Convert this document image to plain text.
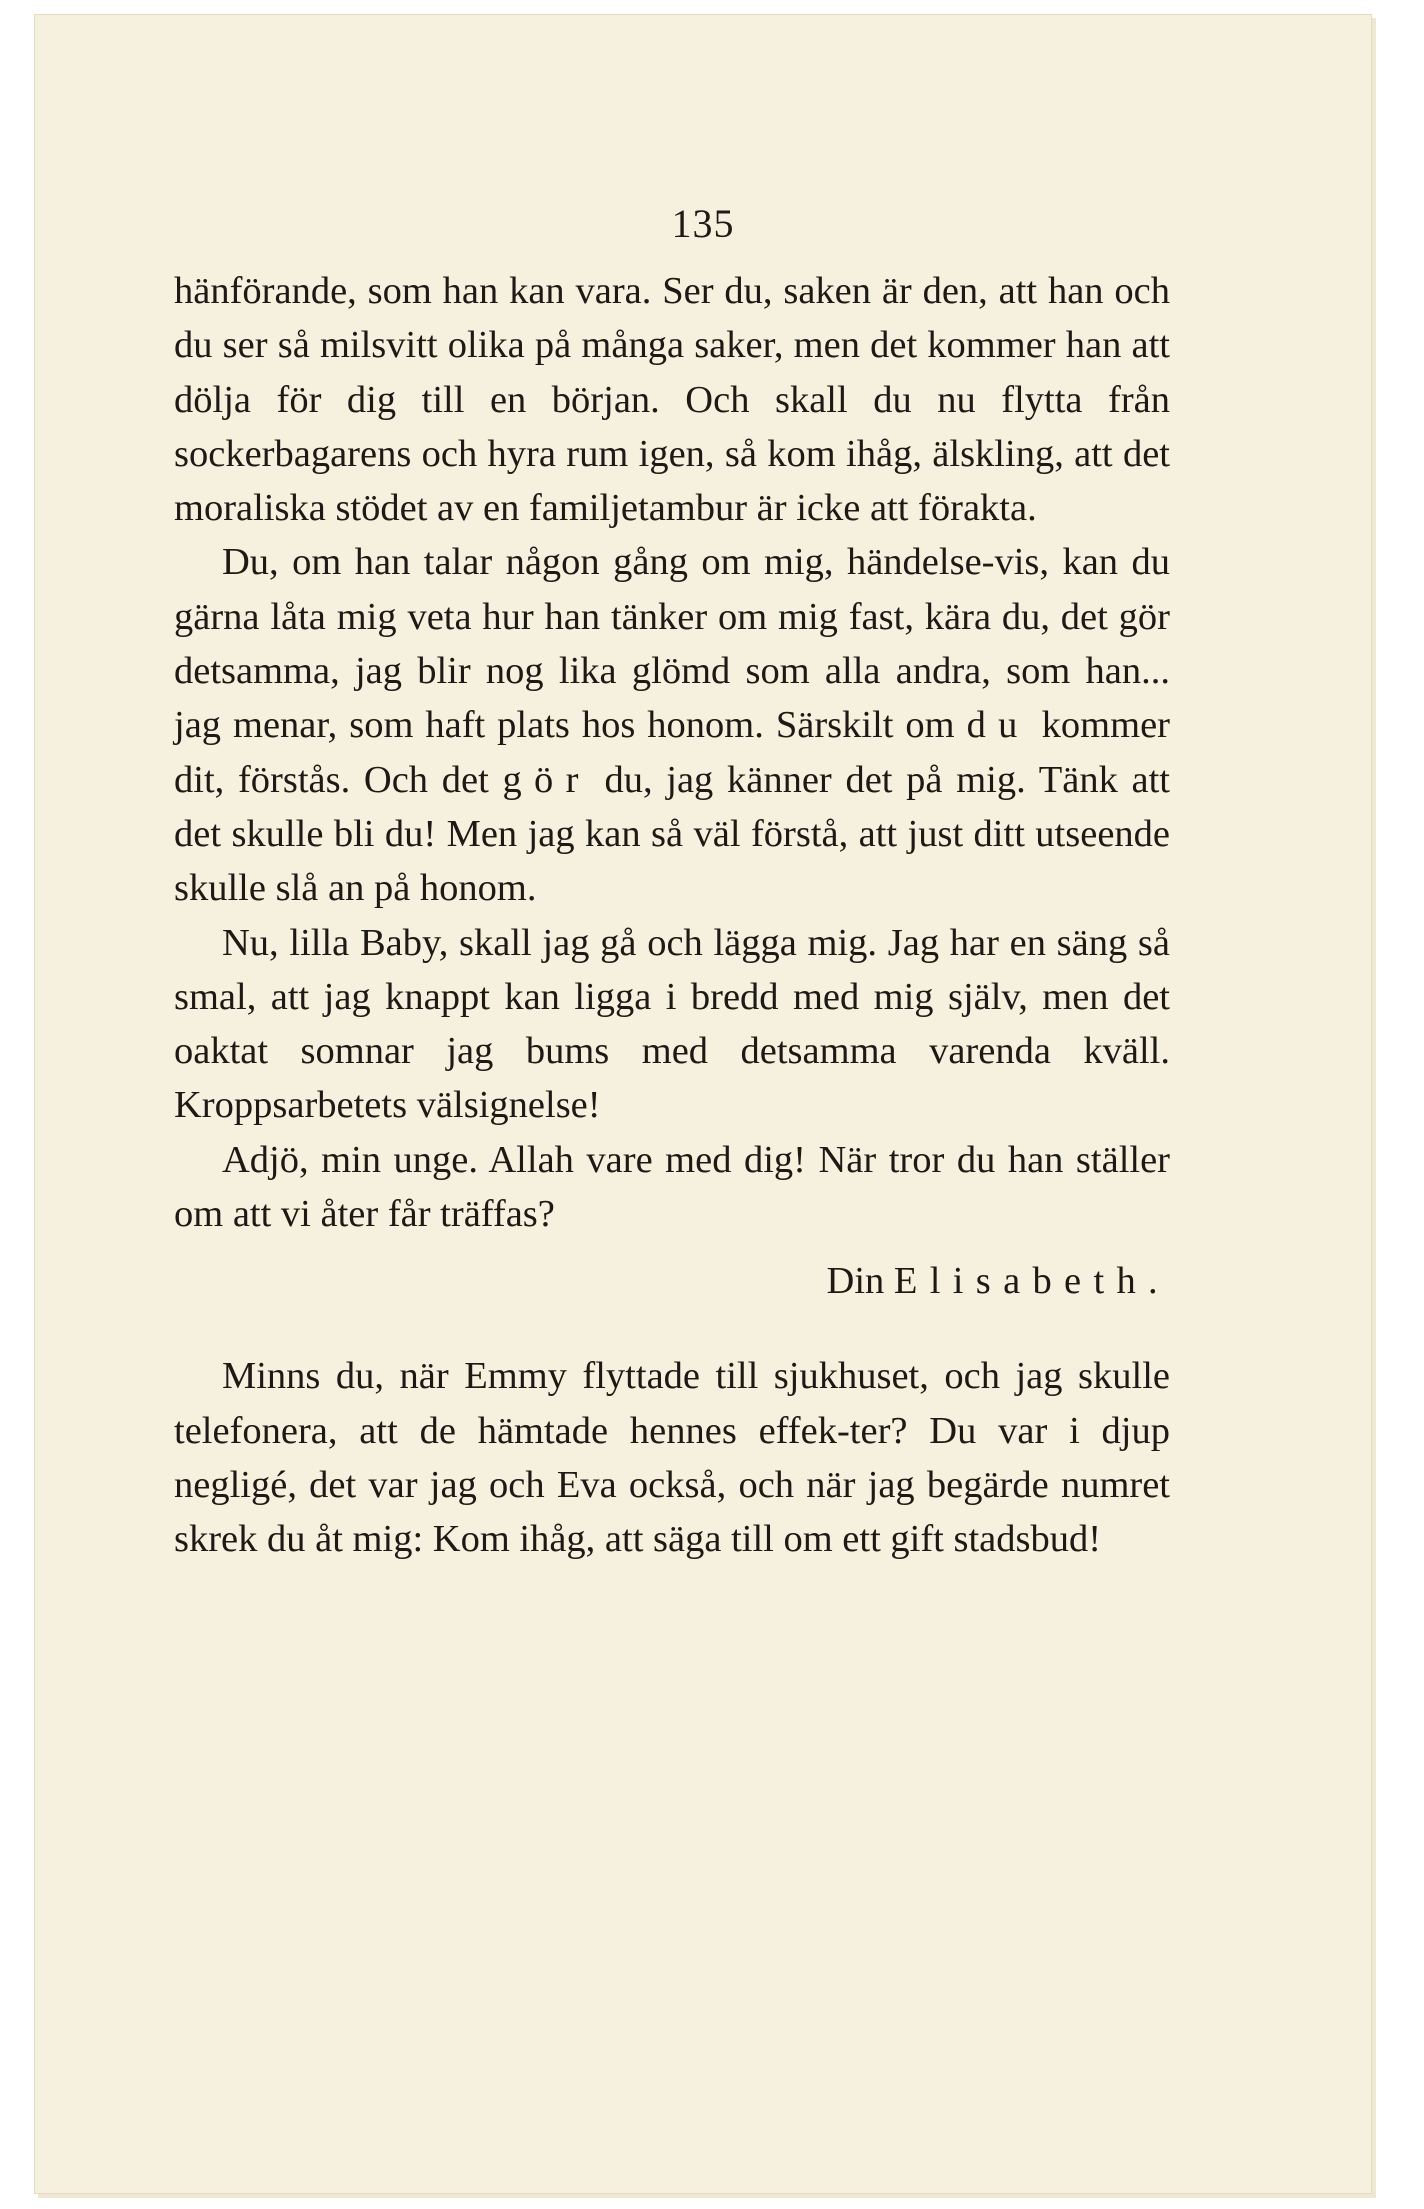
135

hänförande, som han kan vara. Ser du, saken är den, att han och du ser så milsvitt olika på många saker, men det kommer han att dölja för dig till en början. Och skall du nu flytta från sockerbagarens och hyra rum igen, så kom ihåg, älskling, att det moraliska stödet av en familjetambur är icke att förakta.

Du, om han talar någon gång om mig, händelse-vis, kan du gärna låta mig veta hur han tänker om mig fast, kära du, det gör detsamma, jag blir nog lika glömd som alla andra, som han... jag menar, som haft plats hos honom. Särskilt om du kommer dit, förstås. Och det gör du, jag känner det på mig. Tänk att det skulle bli du! Men jag kan så väl förstå, att just ditt utseende skulle slå an på honom.

Nu, lilla Baby, skall jag gå och lägga mig. Jag har en säng så smal, att jag knappt kan ligga i bredd med mig själv, men det oaktat somnar jag bums med detsamma varenda kväll. Kroppsarbetets välsignelse!

Adjö, min unge. Allah vare med dig! När tror du han ställer om att vi åter får träffas?

Din Elisabeth.

Minns du, när Emmy flyttade till sjukhuset, och jag skulle telefonera, att de hämtade hennes effek-ter? Du var i djup negligé, det var jag och Eva också, och när jag begärde numret skrek du åt mig: Kom ihåg, att säga till om ett gift stadsbud!
